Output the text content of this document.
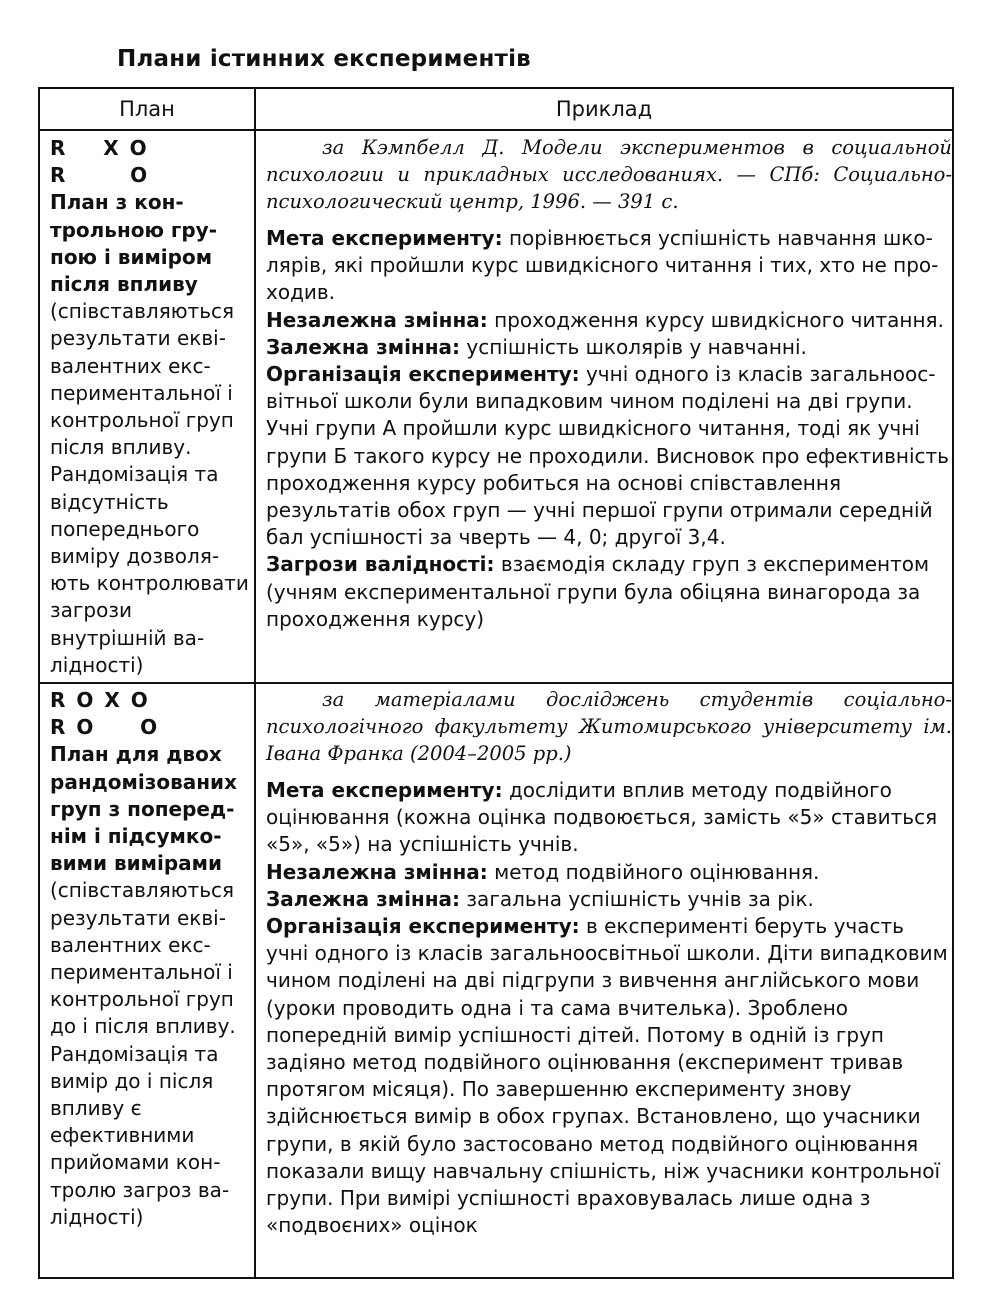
Плани істинних експериментів
План	Приклад
R    X O
R       O
План з контрольною групою і виміром після впливу
(співставляються результати еквівалентних експериментальної і контрольної груп після впливу. Рандомізація та відсутність попереднього виміру дозволяють контролювати загрози внутрішній валідності)

за Кэмпбелл Д. Модели экспериментов в социальной психологии и прикладных исследованиях. — СПб: Социально-психологический центр, 1996. — 391 с.

Мета експерименту: порівнюється успішність навчання школярів, які пройшли курс швидкісного читання і тих, хто не проходив.

Незалежна змінна: проходження курсу швидкісного читання.

Залежна змінна: успішність школярів у навчанні.

Організація експерименту: учні одного із класів загальноосвітньої школи були випадковим чином поділені на дві групи. Учні групи А пройшли курс швидкісного читання, тоді як учні групи Б такого курсу не проходили. Висновок про ефективність проходження курсу робиться на основі співставлення результатів обох груп — учні першої групи отримали середній бал успішності за чверть — 4, 0; другої 3,4.

Загрози валідності: взаємодія складу груп з експериментом (учням експериментальної групи була обіцяна винагорода за проходження курсу)

R O X O
R O     O
План для двох рандомізованих груп з попереднім і підсумковими вимірами
(співставляються результати еквівалентних експериментальної і контрольної груп до і після впливу. Рандомізація та вимір до і після впливу є ефективними прийомами контролю загроз валідності)

за матеріалами досліджень студентів соціально-психологічного факультету Житомирського університету ім. Івана Франка (2004–2005 рр.)

Мета експерименту: дослідити вплив методу подвійного оцінювання (кожна оцінка подвоюється, замість «5» ставиться «5», «5») на успішність учнів.

Незалежна змінна: метод подвійного оцінювання.

Залежна змінна: загальна успішність учнів за рік.

Організація експерименту: в експерименті беруть участь учні одного із класів загальноосвітньої школи. Діти випадковим чином поділені на дві підгрупи з вивчення англійського мови (уроки проводить одна і та сама вчителька). Зроблено попередній вимір успішності дітей. Потому в одній із груп задіяно метод подвійного оцінювання (експеримент тривав протягом місяця). По завершенню експерименту знову здійснюється вимір в обох групах. Встановлено, що учасники групи, в якій було застосовано метод подвійного оцінювання показали вищу навчальну спішність, ніж учасники контрольної групи. При вимірі успішності враховувалась лише одна з «подвоєних» оцінок
